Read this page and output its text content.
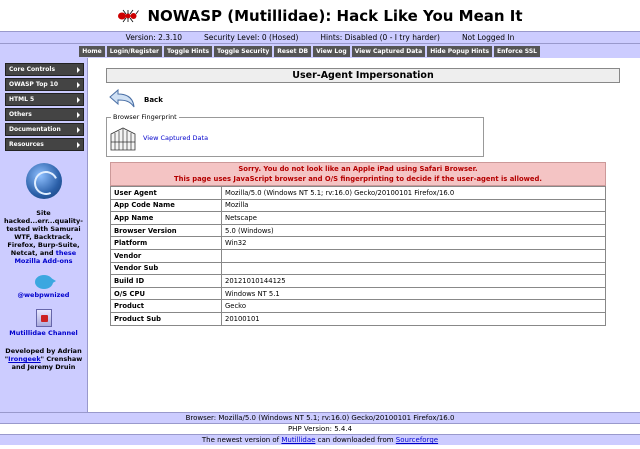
NOWASP (Mutillidae): Hack Like You Mean It
Version: 2.3.10	Security Level: 0 (Hosed)	Hints: Disabled (0 - I try harder)	Not Logged In
Home	Login/Register	Toggle Hints	Toggle Security	Reset DB	View Log	View Captured Data	Hide Popup Hints	Enforce SSL
Core Controls
OWASP Top 10
HTML 5
Others
Documentation
Resources
Site hacked...err...quality-tested with Samurai WTF, Backtrack, Firefox, Burp-Suite, Netcat, and these Mozilla Add-ons
@webpwnized
Mutillidae Channel
Developed by Adrian "Irongeek" Crenshaw and Jeremy Druin
User-Agent Impersonation
Back
Browser Fingerprint
View Captured Data
Sorry. You do not look like an Apple iPad using Safari Browser.
This page uses JavaScript browser and O/S fingerprinting to decide if the user-agent is allowed.
User Agent	Mozilla/5.0 (Windows NT 5.1; rv:16.0) Gecko/20100101 Firefox/16.0
App Code Name	Mozilla
App Name	Netscape
Browser Version	5.0 (Windows)
Platform	Win32
Vendor	
Vendor Sub	
Build ID	20121010144125
O/S CPU	Windows NT 5.1
Product	Gecko
Product Sub	20100101
Browser: Mozilla/5.0 (Windows NT 5.1; rv:16.0) Gecko/20100101 Firefox/16.0
PHP Version: 5.4.4
The newest version of Mutillidae can downloaded from Sourceforge
